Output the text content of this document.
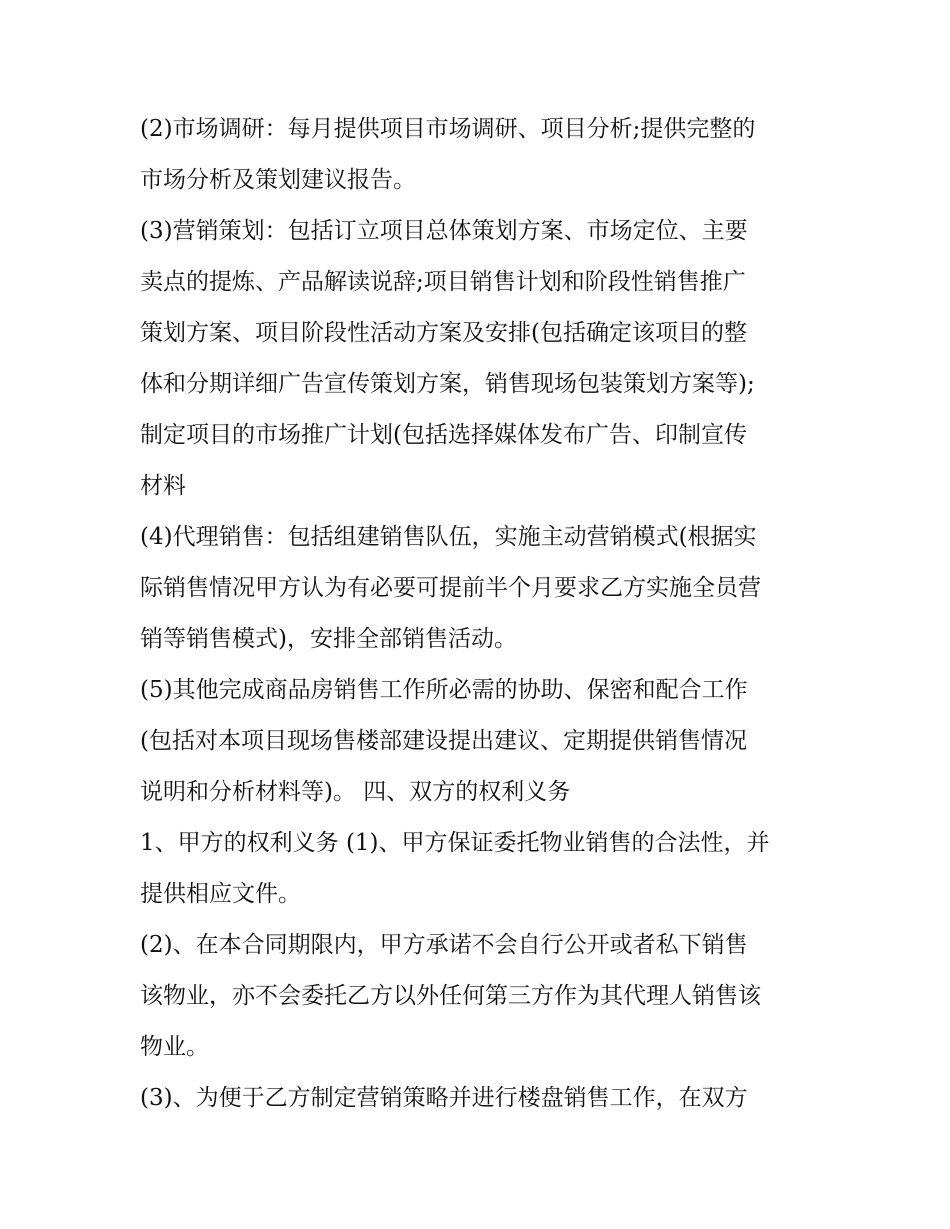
(2)市场调研：每月提供项目市场调研、项目分析;提供完整的
市场分析及策划建议报告。
(3)营销策划：包括订立项目总体策划方案、市场定位、主要
卖点的提炼、产品解读说辞;项目销售计划和阶段性销售推广
策划方案、项目阶段性活动方案及安排(包括确定该项目的整
体和分期详细广告宣传策划方案，销售现场包装策划方案等);
制定项目的市场推广计划(包括选择媒体发布广告、印制宣传
材料
(4)代理销售：包括组建销售队伍，实施主动营销模式(根据实
际销售情况甲方认为有必要可提前半个月要求乙方实施全员营
销等销售模式)，安排全部销售活动。
(5)其他完成商品房销售工作所必需的协助、保密和配合工作
(包括对本项目现场售楼部建设提出建议、定期提供销售情况
说明和分析材料等)。 四、双方的权利义务
1、甲方的权利义务 (1)、甲方保证委托物业销售的合法性，并
提供相应文件。
(2)、在本合同期限内，甲方承诺不会自行公开或者私下销售
该物业，亦不会委托乙方以外任何第三方作为其代理人销售该
物业。
(3)、为便于乙方制定营销策略并进行楼盘销售工作，在双方
